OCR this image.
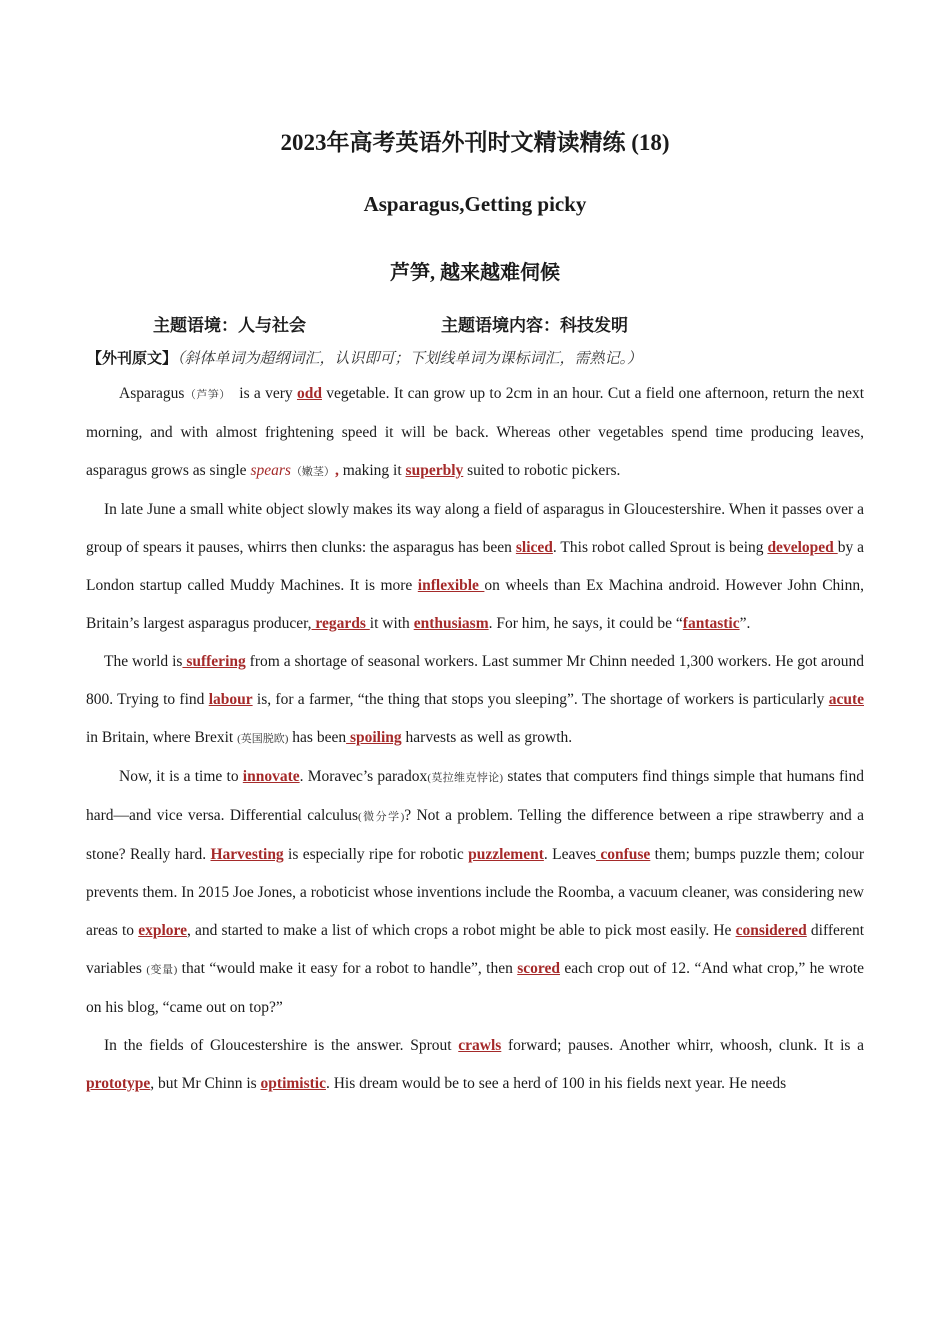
2023年高考英语外刊时文精读精练 (18)
Asparagus,Getting picky
芦笋, 越来越难伺候
主题语境：人与社会	主题语境内容：科技发明
【外刊原文】（斜体单词为超纲词汇，认识即可；下划线单词为课标词汇，需熟记。）

Asparagus（芦笋）  is a very odd vegetable. It can grow up to 2cm in an hour. Cut a field one afternoon, return the next morning, and with almost frightening speed it will be back. Whereas other vegetables spend time producing leaves, asparagus grows as single spears（嫩茎）, making it superbly suited to robotic pickers.

In late June a small white object slowly makes its way along a field of asparagus in Gloucestershire. When it passes over a group of spears it pauses, whirrs then clunks: the asparagus has been sliced. This robot called Sprout is being developed by a London startup called Muddy Machines. It is more inflexible on wheels than Ex Machina android. However John Chinn, Britain’s largest asparagus producer, regards it with enthusiasm. For him, he says, it could be “fantastic”.

The world is suffering from a shortage of seasonal workers. Last summer Mr Chinn needed 1,300 workers. He got around 800. Trying to find labour is, for a farmer, “the thing that stops you sleeping”. The shortage of workers is particularly acute in Britain, where Brexit (英国脱欧) has been spoiling harvests as well as growth.

Now, it is a time to innovate. Moravec’s paradox(莫拉维克悖论) states that computers find things simple that humans find hard—and vice versa. Differential calculus(微分学)? Not a problem. Telling the difference between a ripe strawberry and a stone? Really hard. Harvesting is especially ripe for robotic puzzlement. Leaves confuse them; bumps puzzle them; colour prevents them. In 2015 Joe Jones, a roboticist whose inventions include the Roomba, a vacuum cleaner, was considering new areas to explore, and started to make a list of which crops a robot might be able to pick most easily. He considered different variables (变量) that “would make it easy for a robot to handle”, then scored each crop out of 12. “And what crop,” he wrote on his blog, “came out on top?”

In the fields of Gloucestershire is the answer. Sprout crawls forward; pauses. Another whirr, whoosh, clunk. It is a prototype, but Mr Chinn is optimistic. His dream would be to see a herd of 100 in his fields next year. He needs
